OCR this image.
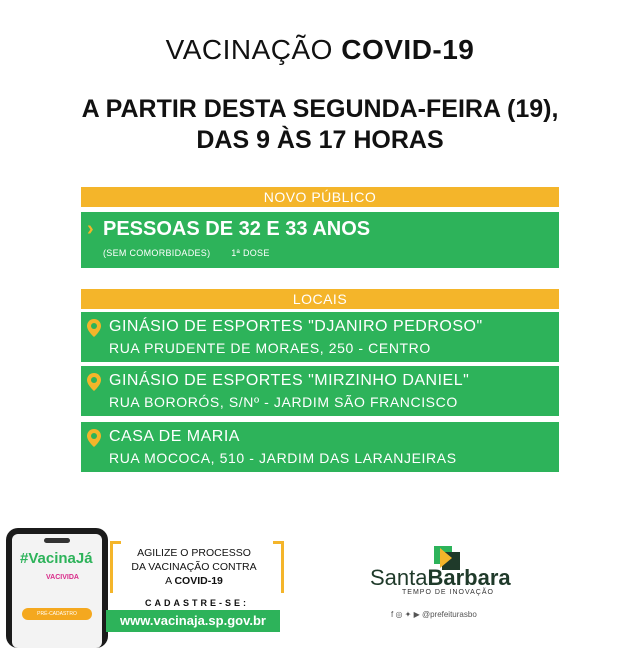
VACINAÇÃO COVID-19
A PARTIR DESTA SEGUNDA-FEIRA (19),
DAS 9 ÀS 17 HORAS
NOVO PÚBLICO
› PESSOAS DE 32 E 33 ANOS
(SEM COMORBIDADES) 1ª DOSE
LOCAIS
GINÁSIO DE ESPORTES "DJANIRO PEDROSO"
RUA PRUDENTE DE MORAES, 250 - CENTRO
GINÁSIO DE ESPORTES "MIRZINHO DANIEL"
RUA BORORÓS, S/Nº - JARDIM SÃO FRANCISCO
CASA DE MARIA
RUA MOCOCA, 510 - JARDIM DAS LARANJEIRAS
#VacinaJá
VACIVIDA
PRÉ-CADASTRO
AGILIZE O PROCESSO
DA VACINAÇÃO CONTRA
A COVID-19
CADASTRE-SE:
www.vacinaja.sp.gov.br
SantaBarbara
TEMPO DE INOVAÇÃO
f ◎ ✦ ▶ @prefeiturasbo
